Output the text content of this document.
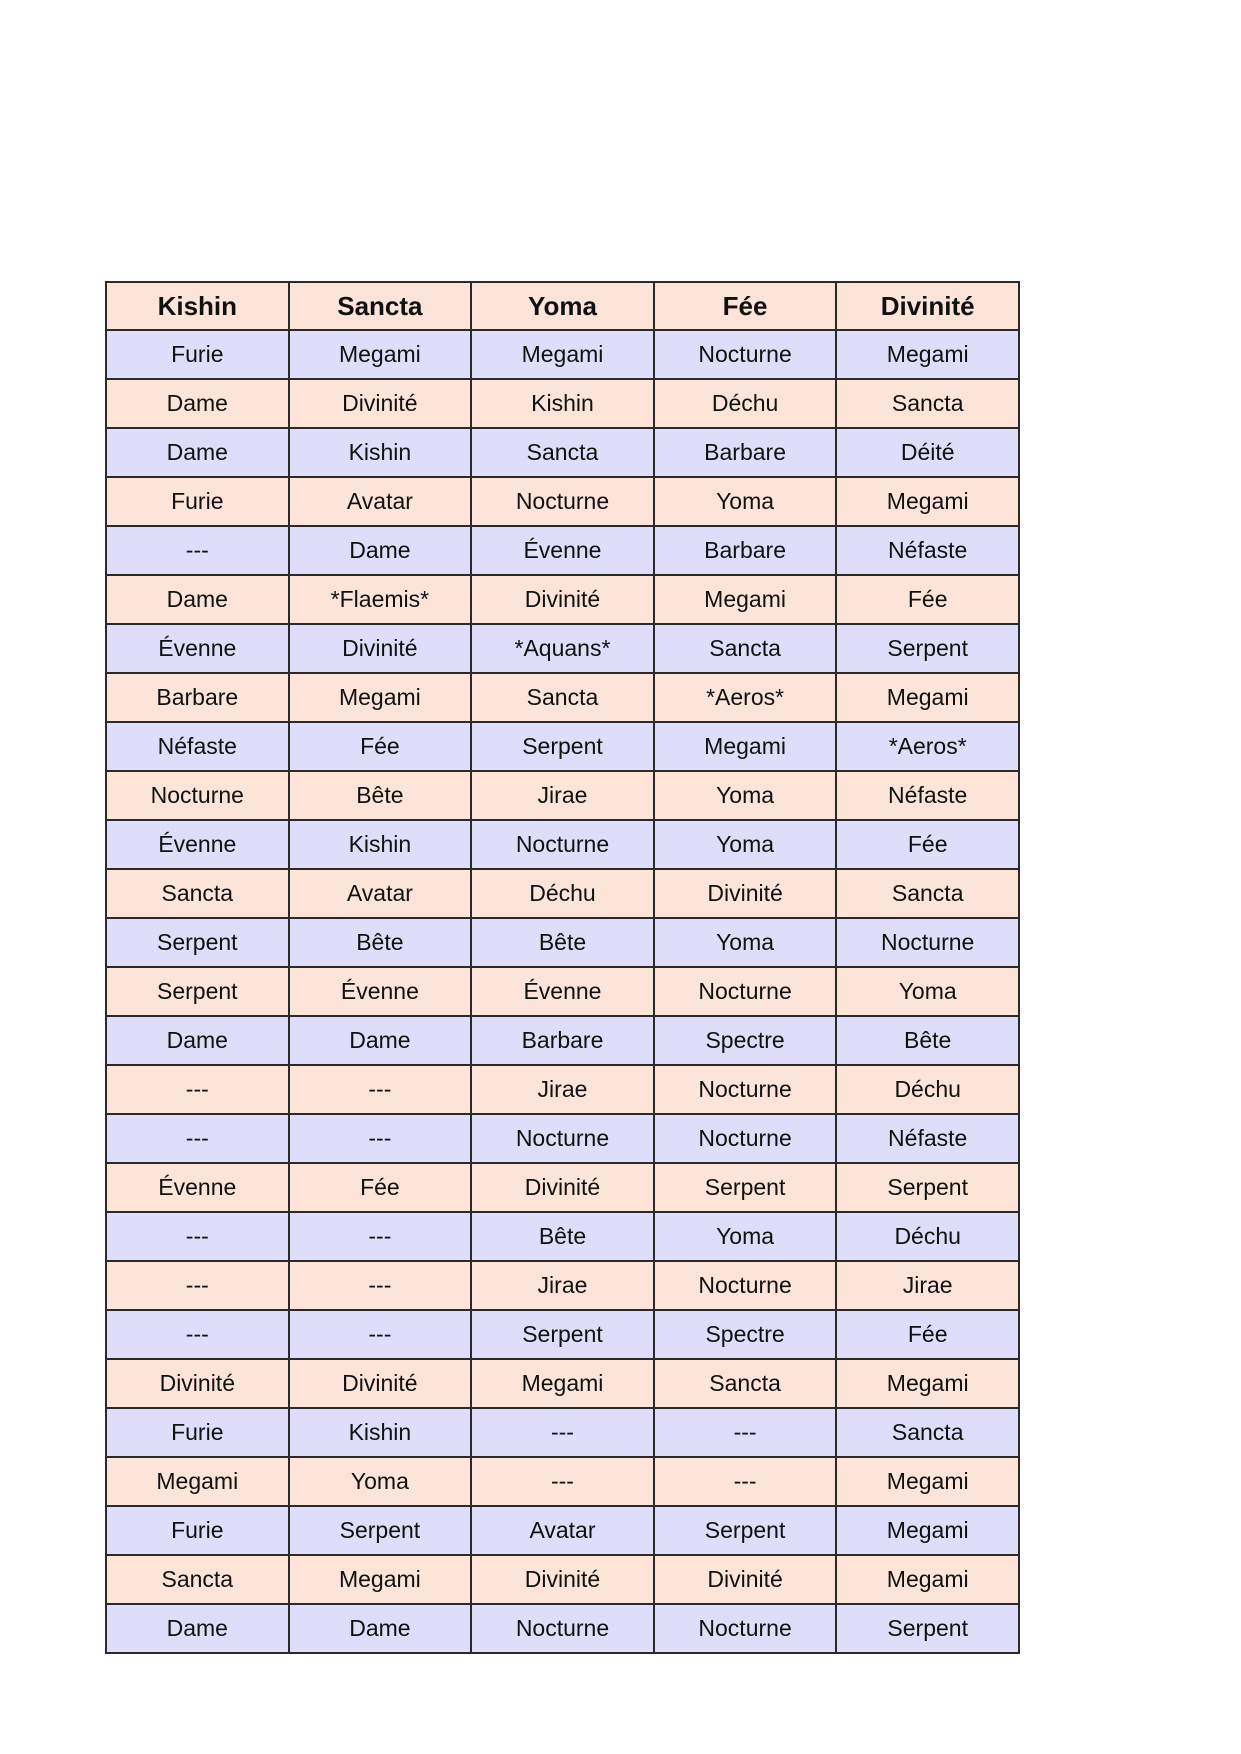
Kishin	Sancta	Yoma	Fée	Divinité
Furie	Megami	Megami	Nocturne	Megami
Dame	Divinité	Kishin	Déchu	Sancta
Dame	Kishin	Sancta	Barbare	Déité
Furie	Avatar	Nocturne	Yoma	Megami
---	Dame	Évenne	Barbare	Néfaste
Dame	*Flaemis*	Divinité	Megami	Fée
Évenne	Divinité	*Aquans*	Sancta	Serpent
Barbare	Megami	Sancta	*Aeros*	Megami
Néfaste	Fée	Serpent	Megami	*Aeros*
Nocturne	Bête	Jirae	Yoma	Néfaste
Évenne	Kishin	Nocturne	Yoma	Fée
Sancta	Avatar	Déchu	Divinité	Sancta
Serpent	Bête	Bête	Yoma	Nocturne
Serpent	Évenne	Évenne	Nocturne	Yoma
Dame	Dame	Barbare	Spectre	Bête
---	---	Jirae	Nocturne	Déchu
---	---	Nocturne	Nocturne	Néfaste
Évenne	Fée	Divinité	Serpent	Serpent
---	---	Bête	Yoma	Déchu
---	---	Jirae	Nocturne	Jirae
---	---	Serpent	Spectre	Fée
Divinité	Divinité	Megami	Sancta	Megami
Furie	Kishin	---	---	Sancta
Megami	Yoma	---	---	Megami
Furie	Serpent	Avatar	Serpent	Megami
Sancta	Megami	Divinité	Divinité	Megami
Dame	Dame	Nocturne	Nocturne	Serpent
